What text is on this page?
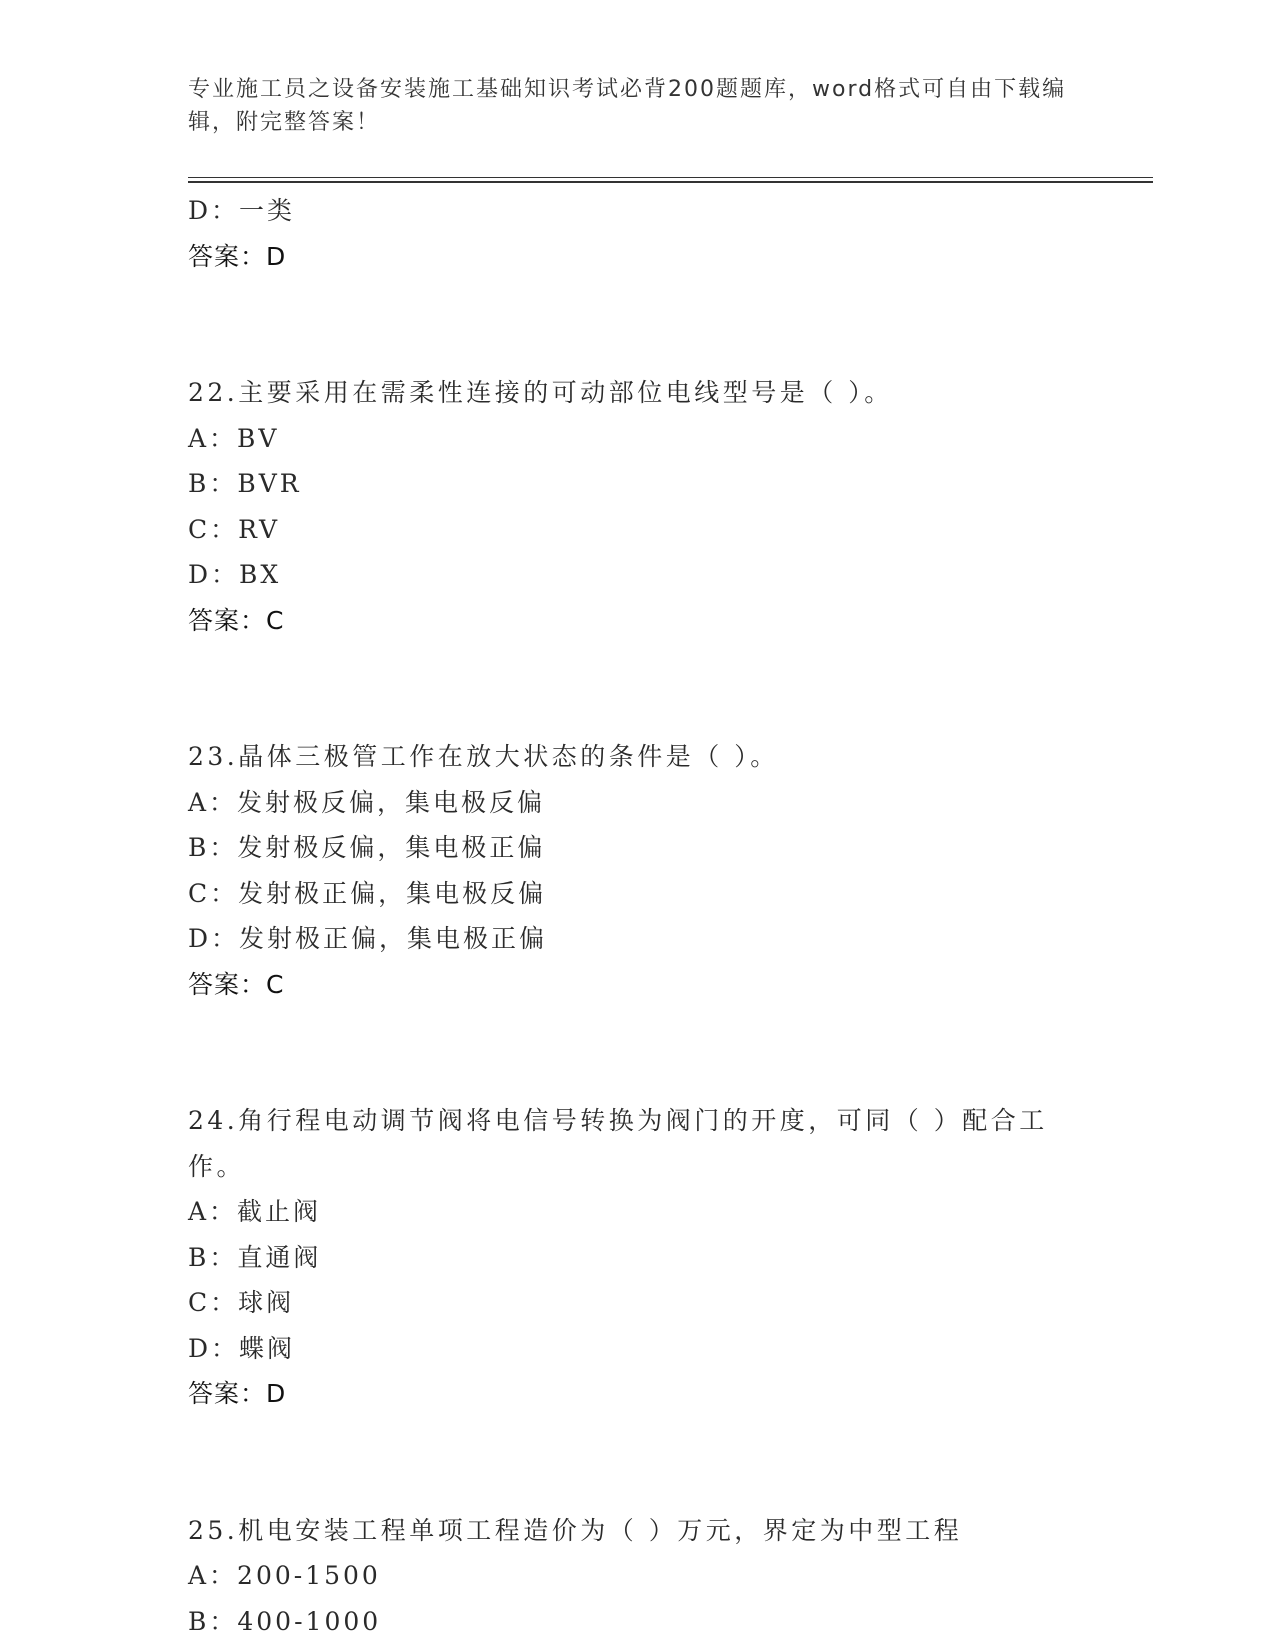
专业施工员之设备安装施工基础知识考试必背200题题库，word格式可自由下载编辑，附完整答案！
D：一类
答案：D
22.主要采用在需柔性连接的可动部位电线型号是（ ）。
A：BV
B：BVR
C：RV
D：BX
答案：C
23.晶体三极管工作在放大状态的条件是（ ）。
A：发射极反偏，集电极反偏
B：发射极反偏，集电极正偏
C：发射极正偏，集电极反偏
D：发射极正偏，集电极正偏
答案：C
24.角行程电动调节阀将电信号转换为阀门的开度，可同（ ）配合工作。
A：截止阀
B：直通阀
C：球阀
D：蝶阀
答案：D
25.机电安装工程单项工程造价为（ ）万元，界定为中型工程
A：200-1500
B：400-1000
